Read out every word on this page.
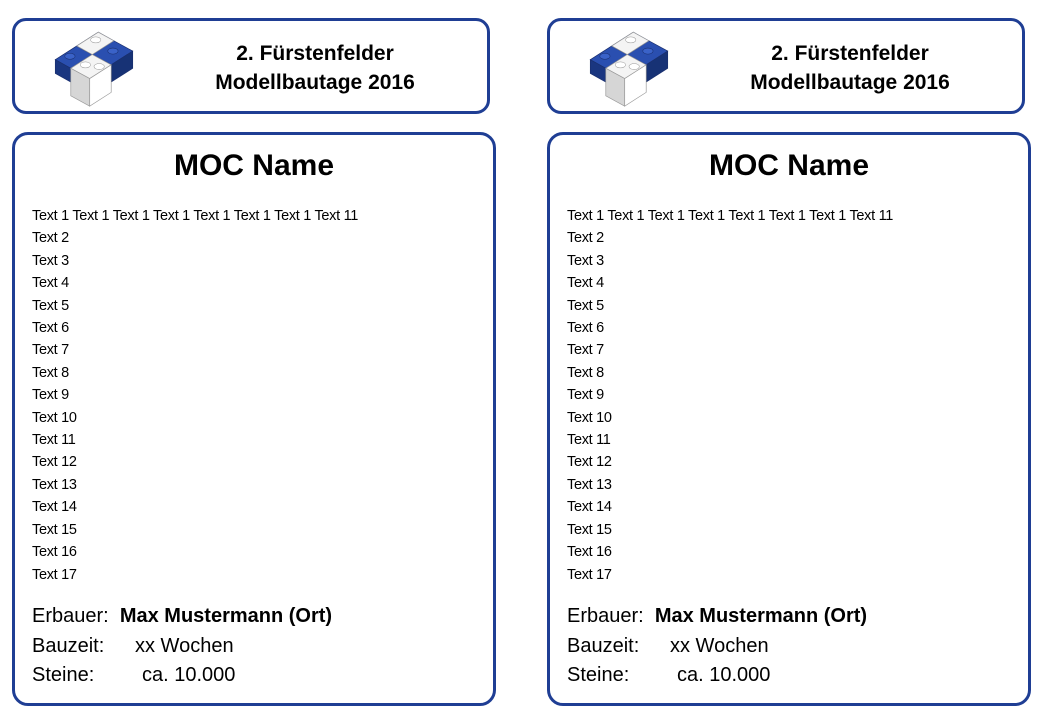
2. Fürstenfelder
Modellbautage 2016
MOC Name
Text 1 Text 1 Text 1 Text 1 Text 1 Text 1 Text 1 Text 11
Text 2
Text 3
Text 4
Text 5
Text 6
Text 7
Text 8
Text 9
Text 10
Text 11
Text 12
Text 13
Text 14
Text 15
Text 16
Text 17
Erbauer:  Max Mustermann (Ort)
Bauzeit: xx Wochen
Steine: ca. 10.000
2. Fürstenfelder
Modellbautage 2016
MOC Name
Text 1 Text 1 Text 1 Text 1 Text 1 Text 1 Text 1 Text 11
Text 2
Text 3
Text 4
Text 5
Text 6
Text 7
Text 8
Text 9
Text 10
Text 11
Text 12
Text 13
Text 14
Text 15
Text 16
Text 17
Erbauer:  Max Mustermann (Ort)
Bauzeit: xx Wochen
Steine: ca. 10.000
